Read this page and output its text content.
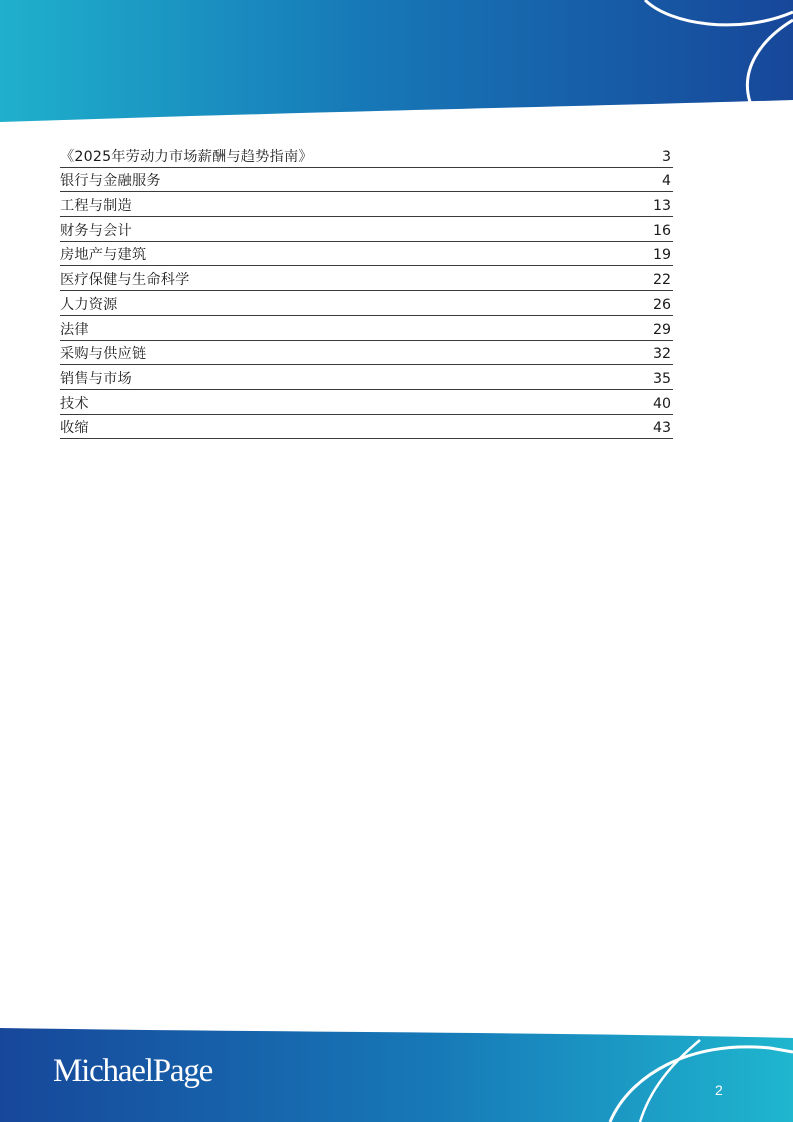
《2025年劳动力市场薪酬与趋势指南》	3
银行与金融服务	4
工程与制造	13
财务与会计	16
房地产与建筑	19
医疗保健与生命科学	22
人力资源	26
法律	29
采购与供应链	32
销售与市场	35
技术	40
收缩	43
MichaelPage
2
